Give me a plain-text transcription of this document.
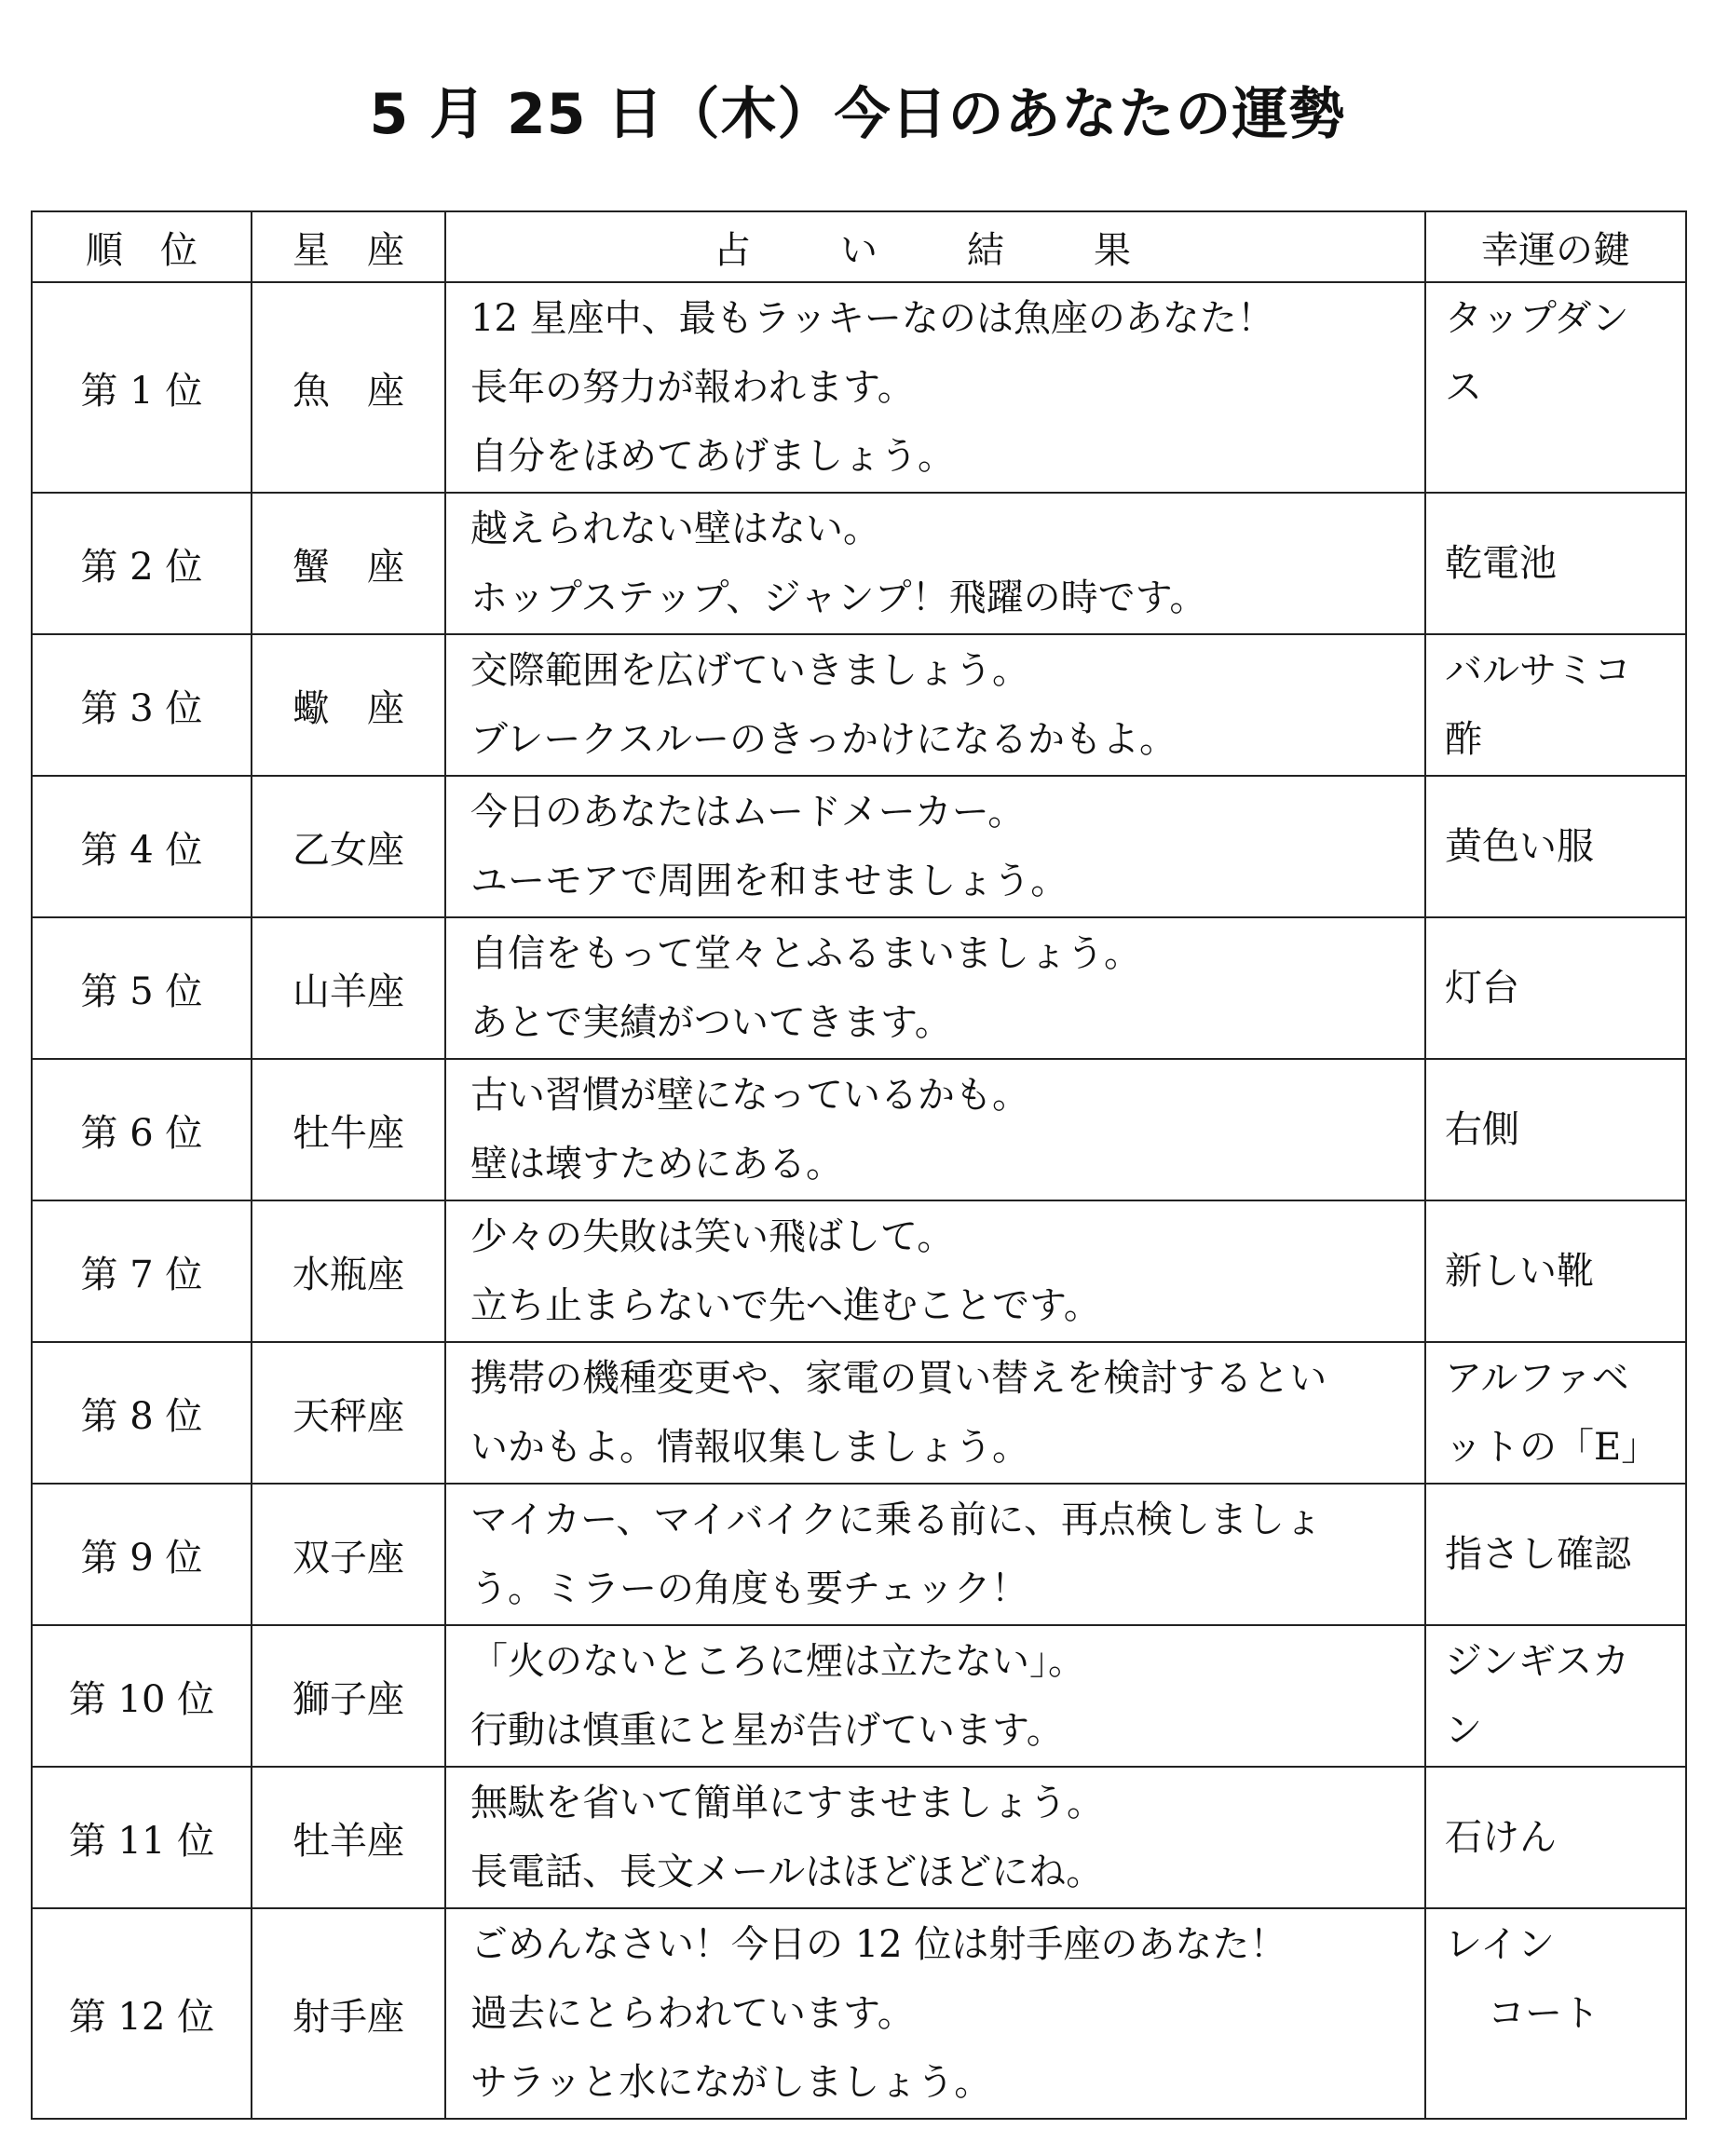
5 月 25 日（木）今日のあなたの運勢
順　位	星　座	占　い　結　果	幸運の鍵
第 1 位	魚　座	12 星座中、最もラッキーなのは魚座のあなた！
長年の努力が報われます。
自分をほめてあげましょう。	タップダン
ス

第 2 位	蟹　座	越えられない壁はない。
ホップステップ、ジャンプ！飛躍の時です。	乾電池

第 3 位	蠍　座	交際範囲を広げていきましょう。
ブレークスルーのきっかけになるかもよ。	バルサミコ
酢

第 4 位	乙女座	今日のあなたはムードメーカー。
ユーモアで周囲を和ませましょう。	黄色い服

第 5 位	山羊座	自信をもって堂々とふるまいましょう。
あとで実績がついてきます。	灯台

第 6 位	牡牛座	古い習慣が壁になっているかも。
壁は壊すためにある。	右側

第 7 位	水瓶座	少々の失敗は笑い飛ばして。
立ち止まらないで先へ進むことです。	新しい靴

第 8 位	天秤座	携帯の機種変更や、家電の買い替えを検討するとい
いかもよ。情報収集しましょう。	アルファベ
ットの「E」

第 9 位	双子座	マイカー、マイバイクに乗る前に、再点検しましょ
う。ミラーの角度も要チェック！	指さし確認

第 10 位	獅子座	「火のないところに煙は立たない」。
行動は慎重にと星が告げています。	ジンギスカ
ン

第 11 位	牡羊座	無駄を省いて簡単にすませましょう。
長電話、長文メールはほどほどにね。	石けん

第 12 位	射手座	ごめんなさい！今日の 12 位は射手座のあなた！
過去にとらわれています。
サラッと水にながしましょう。	レイン
コート
